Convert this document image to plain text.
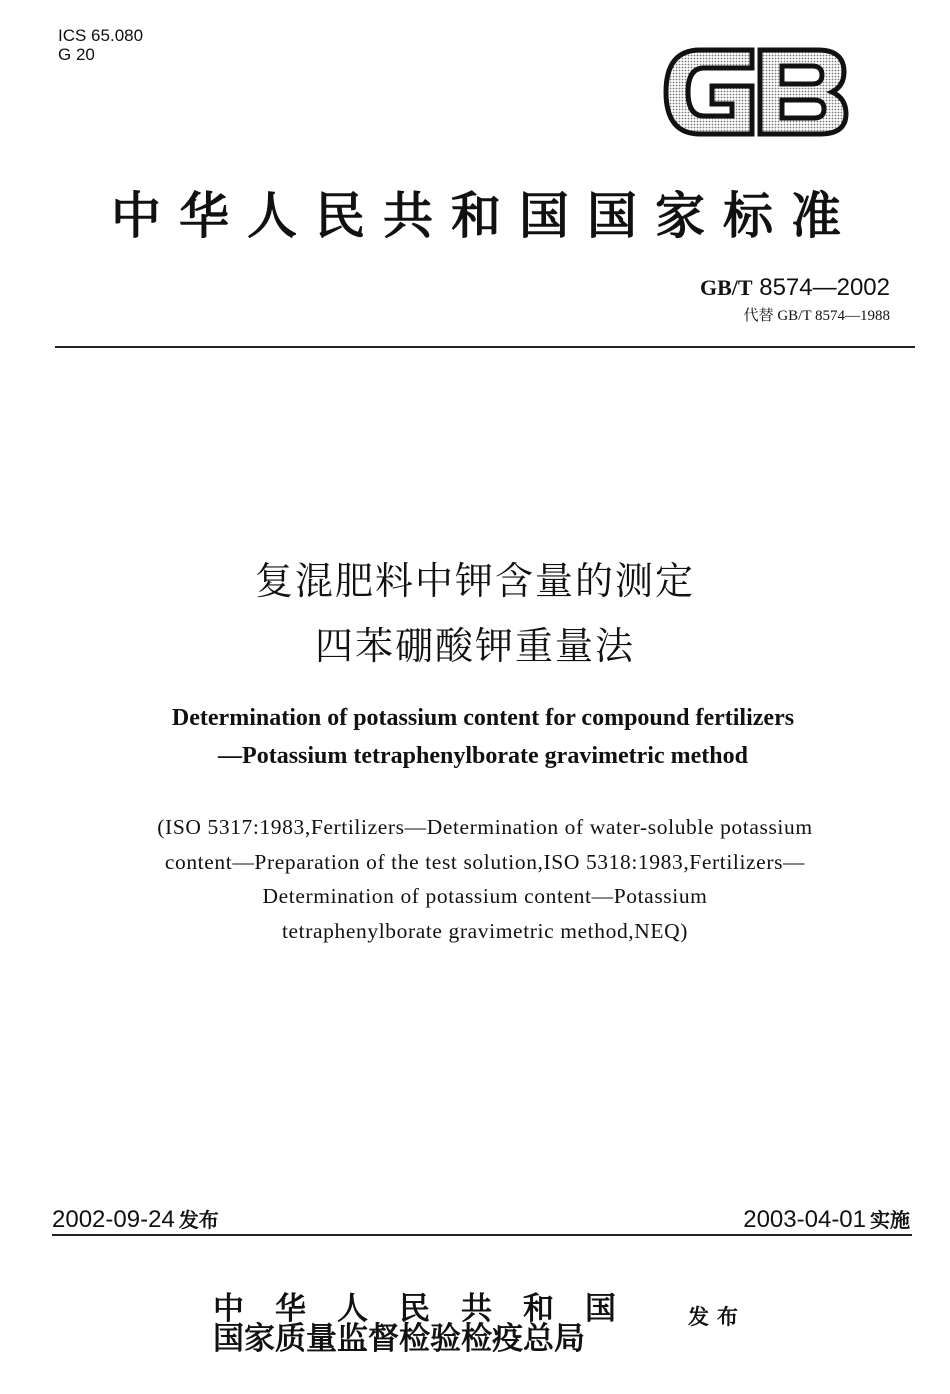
ICS 65.080
G 20
GB
中华人民共和国国家标准
GB/T 8574—2002
代替 GB/T 8574—1988
复混肥料中钾含量的测定
四苯硼酸钾重量法
Determination of potassium content for compound fertilizers
—Potassium tetraphenylborate gravimetric method
(ISO 5317:1983,Fertilizers—Determination of water-soluble potassium
content—Preparation of the test solution,ISO 5318:1983,Fertilizers—
Determination of potassium content—Potassium
tetraphenylborate gravimetric method,NEQ)
2002-09-24 发布	2003-04-01 实施
中华人民共和国
国家质量监督检验检疫总局
发布
